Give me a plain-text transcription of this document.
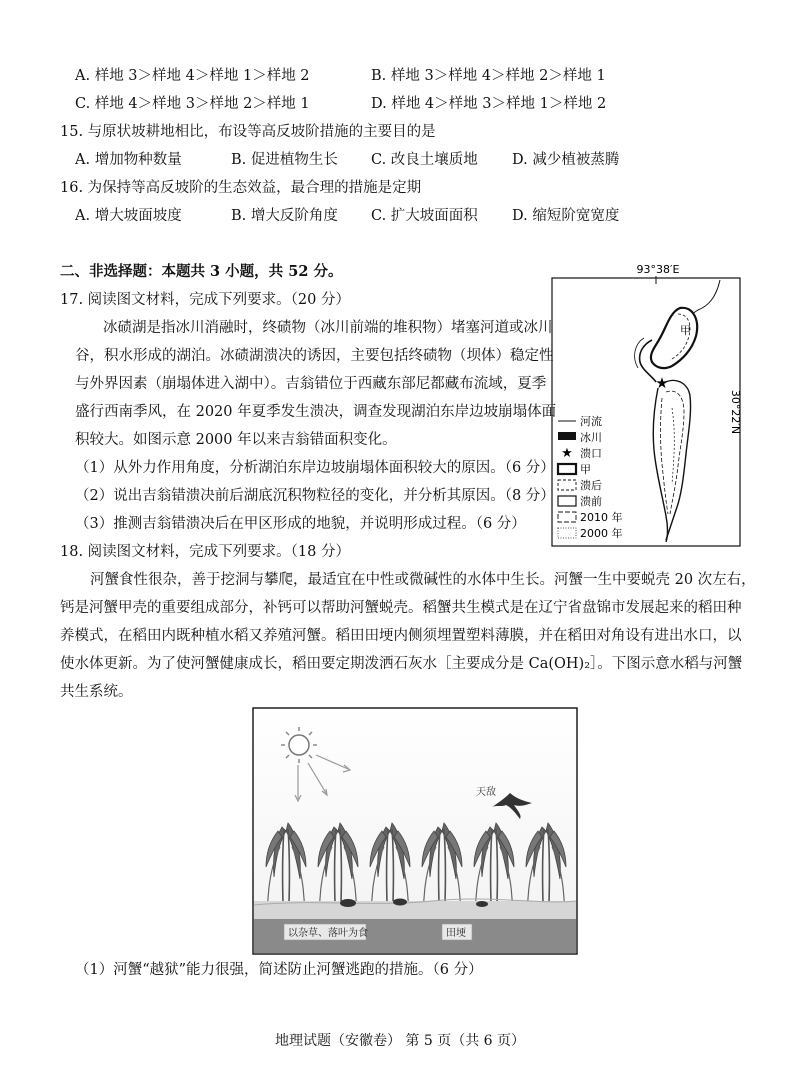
A. 样地 3＞样地 4＞样地 1＞样地 2	B. 样地 3＞样地 4＞样地 2＞样地 1
C. 样地 4＞样地 3＞样地 2＞样地 1	D. 样地 4＞样地 3＞样地 1＞样地 2
15. 与原状坡耕地相比，布设等高反坡阶措施的主要目的是
A. 增加物种数量	B. 促进植物生长 C. 改良土壤质地 D. 减少植被蒸腾
16. 为保持等高反坡阶的生态效益，最合理的措施是定期
A. 增大坡面坡度	B. 增大反阶角度 C. 扩大坡面面积 D. 缩短阶宽宽度
二、非选择题：本题共 3 小题，共 52 分。
17. 阅读图文材料，完成下列要求。（20 分）
冰碛湖是指冰川消融时，终碛物（冰川前端的堆积物）堵塞河道或冰川
谷，积水形成的湖泊。冰碛湖溃决的诱因，主要包括终碛物（坝体）稳定性
与外界因素（崩塌体进入湖中）。吉翁错位于西藏东部尼都藏布流域，夏季
盛行西南季风，在 2020 年夏季发生溃决，调查发现湖泊东岸边坡崩塌体面
积较大。如图示意 2000 年以来吉翁错面积变化。
（1）从外力作用角度，分析湖泊东岸边坡崩塌体面积较大的原因。（6 分）
（2）说出吉翁错溃决前后湖底沉积物粒径的变化，并分析其原因。（8 分）
（3）推测吉翁错溃决后在甲区形成的地貌，并说明形成过程。（6 分）
93°38′E
30°22′N
甲
★
河流
冰川
★ 溃口
甲
溃后
溃前
2010 年
2000 年
18. 阅读图文材料，完成下列要求。（18 分）
河蟹食性很杂，善于挖洞与攀爬，最适宜在中性或微碱性的水体中生长。河蟹一生中要蜕壳 20 次左右，
钙是河蟹甲壳的重要组成部分，补钙可以帮助河蟹蜕壳。稻蟹共生模式是在辽宁省盘锦市发展起来的稻田种
养模式，在稻田内既种植水稻又养殖河蟹。稻田田埂内侧须埋置塑料薄膜，并在稻田对角设有进出水口，以
使水体更新。为了使河蟹健康成长，稻田要定期泼洒石灰水［主要成分是 Ca(OH)₂］。下图示意水稻与河蟹
共生系统。
天敌
以杂草、落叶为食	田埂
（1）河蟹“越狱”能力很强，简述防止河蟹逃跑的措施。（6 分）
地理试题（安徽卷） 第 5 页（共 6 页）
